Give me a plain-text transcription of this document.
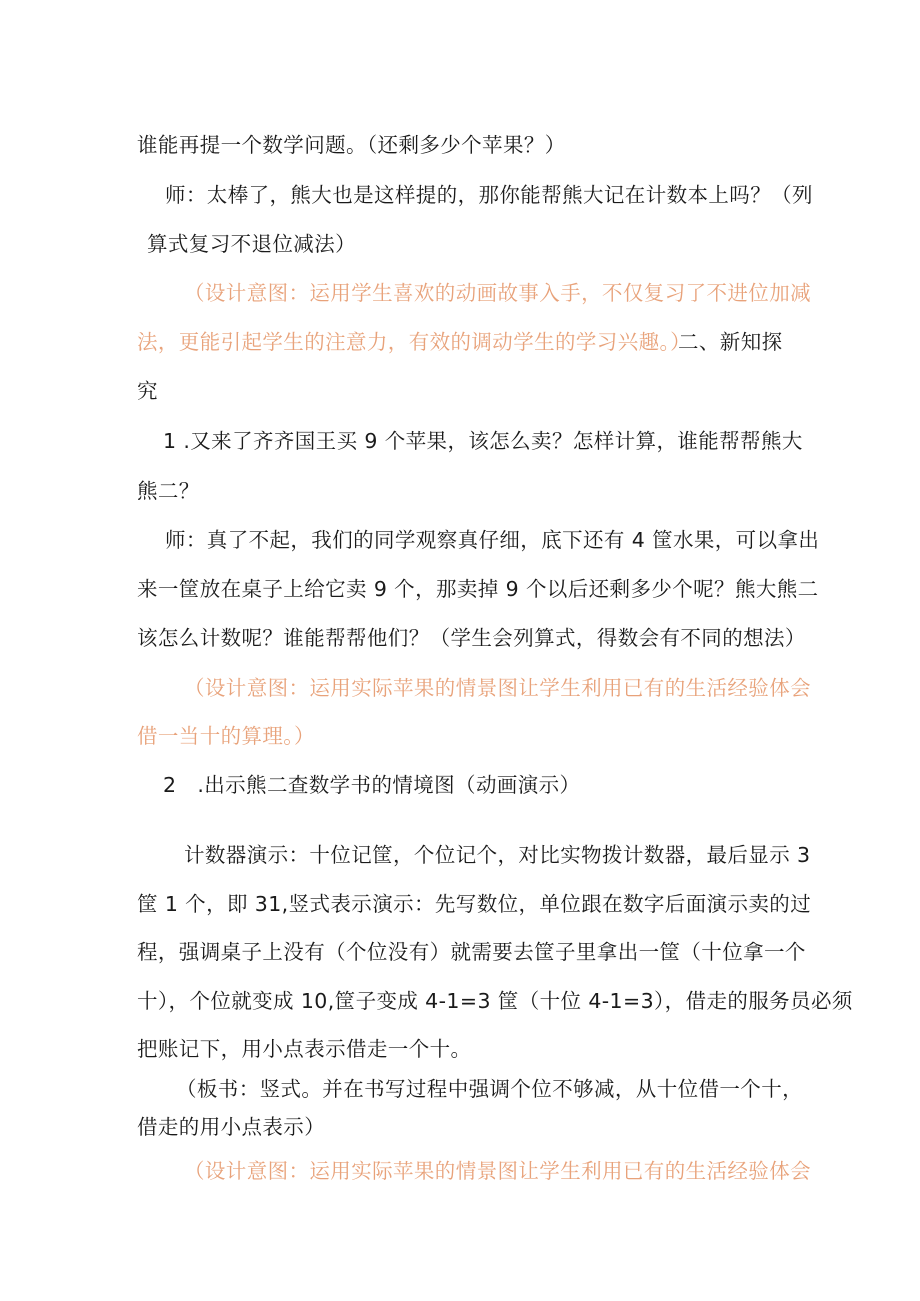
谁能再提一个数学问题。（还剩多少个苹果？）
师：太棒了，熊大也是这样提的，那你能帮熊大记在计数本上吗？（列
算式复习不退位减法）
（设计意图：运用学生喜欢的动画故事入手，不仅复习了不进位加减
法，更能引起学生的注意力，有效的调动学生的学习兴趣。）
二、新知探
究
1 .又来了齐齐国王买 9 个苹果，该怎么卖？怎样计算，谁能帮帮熊大
熊二？
师：真了不起，我们的同学观察真仔细，底下还有 4 筐水果，可以拿出
来一筐放在桌子上给它卖 9 个，那卖掉 9 个以后还剩多少个呢？熊大熊二
该怎么计数呢？谁能帮帮他们？（学生会列算式，得数会有不同的想法）
（设计意图：运用实际苹果的情景图让学生利用已有的生活经验体会
借一当十的算理。）
2　.出示熊二查数学书的情境图（动画演示）
计数器演示：十位记筐，个位记个，对比实物拨计数器，最后显示 3
筐 1 个，即 31,竖式表示演示：先写数位，单位跟在数字后面演示卖的过
程，强调桌子上没有（个位没有）就需要去筐子里拿出一筐（十位拿一个
十），个位就变成 10,筐子变成 4-1=3 筐（十位 4-1=3），借走的服务员必须
把账记下，用小点表示借走一个十。
（板书：竖式。并在书写过程中强调个位不够减，从十位借一个十，
借走的用小点表示）
（设计意图：运用实际苹果的情景图让学生利用已有的生活经验体会
